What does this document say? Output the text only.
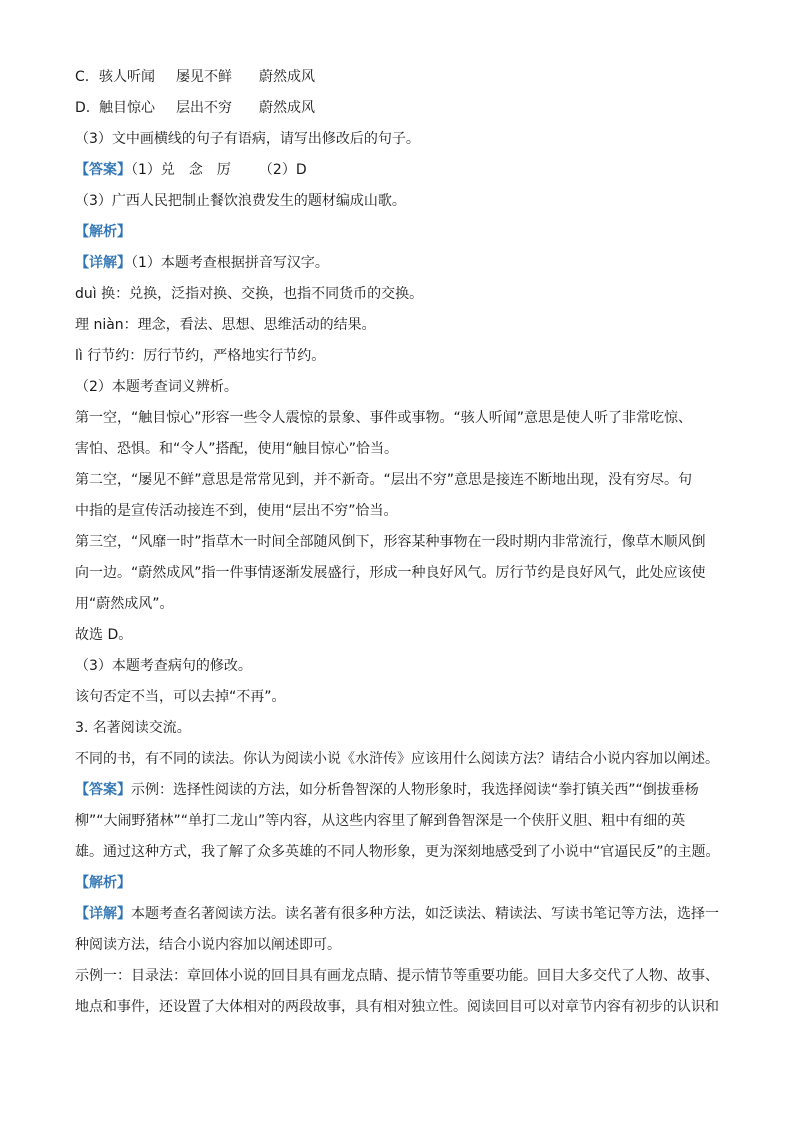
C. 骇人听闻 屡见不鲜 蔚然成风
D. 触目惊心 层出不穷 蔚然成风
（3）文中画横线的句子有语病，请写出修改后的句子。
【答案】（1）兑　念　厉 （2）D
（3）广西人民把制止餐饮浪费发生的题材编成山歌。
【解析】
【详解】（1）本题考查根据拼音写汉字。
duì 换：兑换，泛指对换、交换，也指不同货币的交换。
理 niàn：理念，看法、思想、思维活动的结果。
lì 行节约：厉行节约，严格地实行节约。
（2）本题考查词义辨析。
第一空，“触目惊心”形容一些令人震惊的景象、事件或事物。“骇人听闻”意思是使人听了非常吃惊、
害怕、恐惧。和“令人”搭配，使用“触目惊心”恰当。
第二空，“屡见不鲜”意思是常常见到，并不新奇。“层出不穷”意思是接连不断地出现，没有穷尽。句
中指的是宣传活动接连不到，使用“层出不穷”恰当。
第三空，“风靡一时”指草木一时间全部随风倒下，形容某种事物在一段时期内非常流行，像草木顺风倒
向一边。“蔚然成风”指一件事情逐渐发展盛行，形成一种良好风气。厉行节约是良好风气，此处应该使
用“蔚然成风”。
故选 D。
（3）本题考查病句的修改。
该句否定不当，可以去掉“不再”。
3. 名著阅读交流。
不同的书，有不同的读法。你认为阅读小说《水浒传》应该用什么阅读方法？请结合小说内容加以阐述。
【答案】示例：选择性阅读的方法，如分析鲁智深的人物形象时，我选择阅读“拳打镇关西”“倒拔垂杨
柳”“大闹野猪林”“单打二龙山”等内容，从这些内容里了解到鲁智深是一个侠肝义胆、粗中有细的英
雄。通过这种方式，我了解了众多英雄的不同人物形象，更为深刻地感受到了小说中“官逼民反”的主题。
【解析】
【详解】本题考查名著阅读方法。读名著有很多种方法，如泛读法、精读法、写读书笔记等方法，选择一
种阅读方法，结合小说内容加以阐述即可。
示例一：目录法：章回体小说的回目具有画龙点睛、提示情节等重要功能。回目大多交代了人物、故事、
地点和事件，还设置了大体相对的两段故事，具有相对独立性。阅读回目可以对章节内容有初步的认识和
